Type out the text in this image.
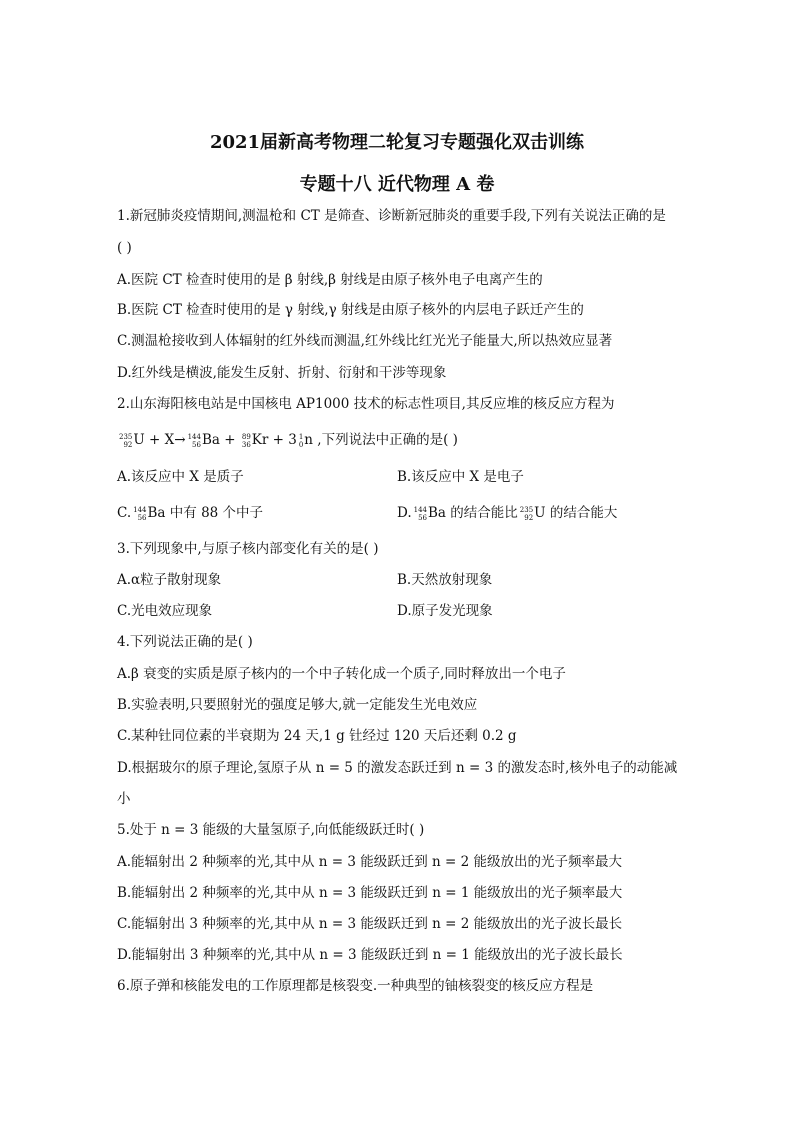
2021届新高考物理二轮复习专题强化双击训练
专题十八 近代物理 A 卷
1.新冠肺炎疫情期间,测温枪和 CT 是筛查、诊断新冠肺炎的重要手段,下列有关说法正确的是
( )
A.医院 CT 检查时使用的是 β 射线,β 射线是由原子核外电子电离产生的
B.医院 CT 检查时使用的是 γ 射线,γ 射线是由原子核外的内层电子跃迁产生的
C.测温枪接收到人体辐射的红外线而测温,红外线比红光光子能量大,所以热效应显著
D.红外线是横波,能发生反射、折射、衍射和干涉等现象
2.山东海阳核电站是中国核电 AP1000 技术的标志性项目,其反应堆的核反应方程为
235
92 U + X→ 144
56 Ba + 89
36 Kr + 3 1
0 n ,下列说法中正确的是( )
A.该反应中 X 是质子	B.该反应中 X 是电子
C. 144
56 Ba 中有 88 个中子	D. 144
56 Ba 的结合能比 235
92 U 的结合能大
3.下列现象中,与原子核内部变化有关的是( )
A.α粒子散射现象	B.天然放射现象
C.光电效应现象	D.原子发光现象
4.下列说法正确的是( )
A.β 衰变的实质是原子核内的一个中子转化成一个质子,同时释放出一个电子
B.实验表明,只要照射光的强度足够大,就一定能发生光电效应
C.某种钍同位素的半衰期为 24 天,1 g 钍经过 120 天后还剩 0.2 g
D.根据玻尔的原子理论,氢原子从 n = 5 的激发态跃迁到 n = 3 的激发态时,核外电子的动能减
小
5.处于 n = 3 能级的大量氢原子,向低能级跃迁时( )
A.能辐射出 2 种频率的光,其中从 n = 3 能级跃迁到 n = 2 能级放出的光子频率最大
B.能辐射出 2 种频率的光,其中从 n = 3 能级跃迁到 n = 1 能级放出的光子频率最大
C.能辐射出 3 种频率的光,其中从 n = 3 能级跃迁到 n = 2 能级放出的光子波长最长
D.能辐射出 3 种频率的光,其中从 n = 3 能级跃迁到 n = 1 能级放出的光子波长最长
6.原子弹和核能发电的工作原理都是核裂变.一种典型的铀核裂变的核反应方程是
